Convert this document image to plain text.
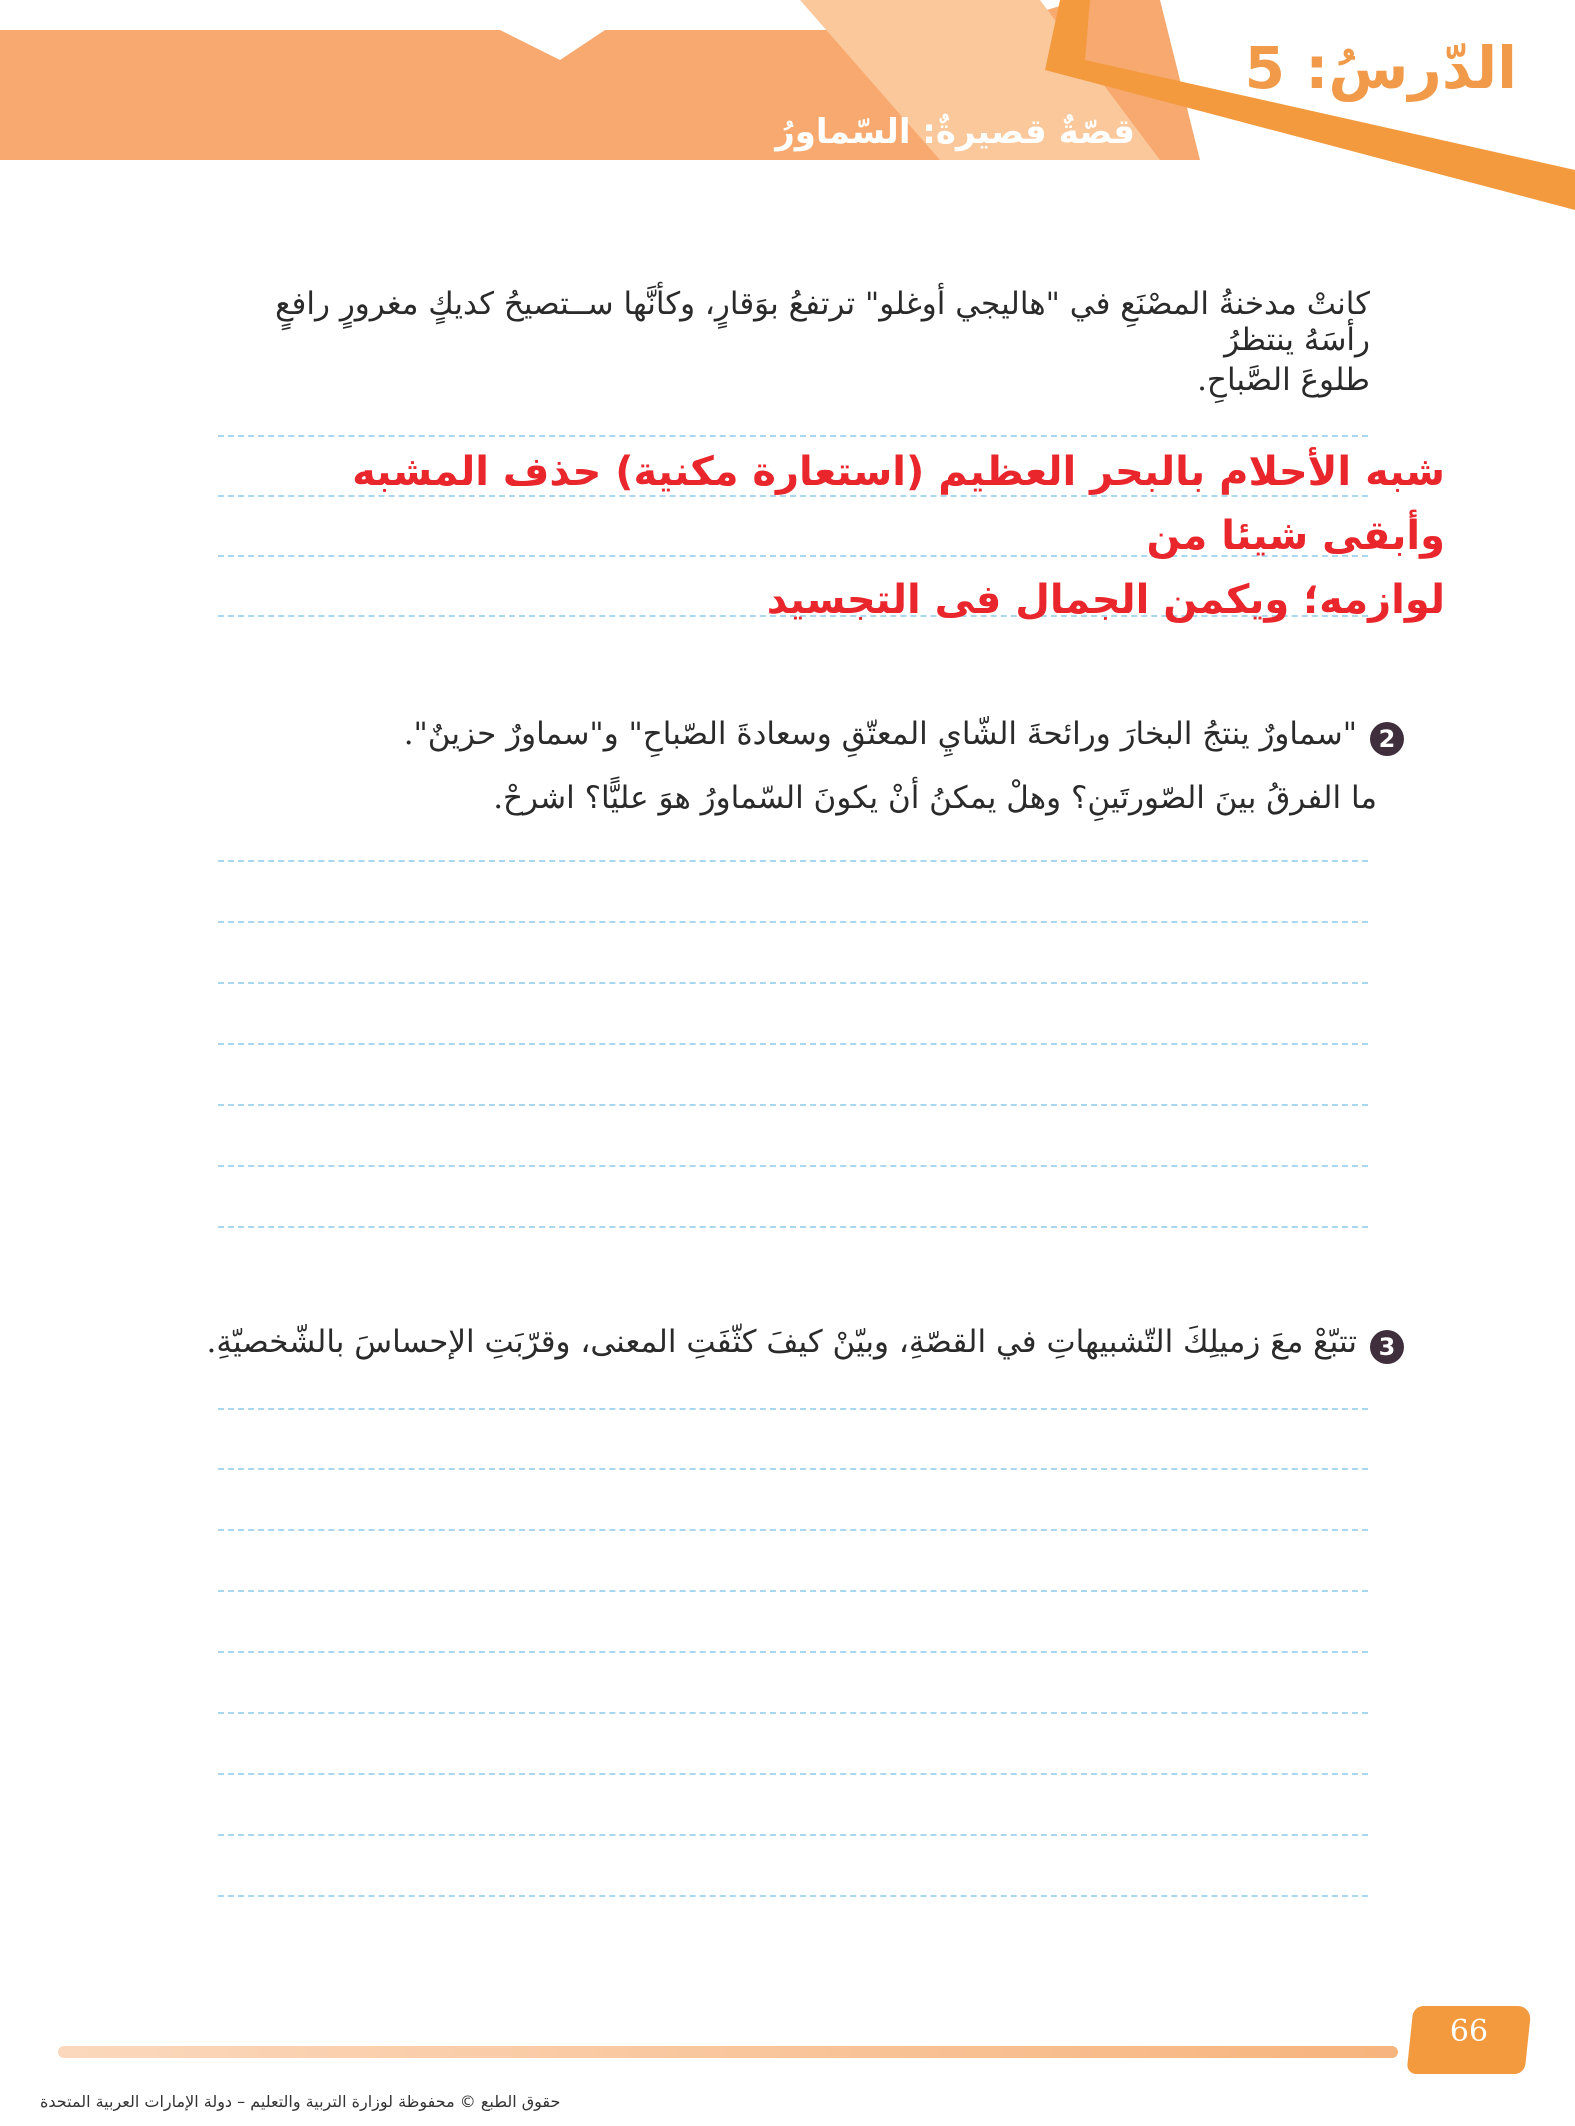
الدّرسُ: 5
قصّةٌ قصيرةٌ: السّماورُ
كانتْ مدخنةُ المصْنَعِ في "هاليجي أوغلو" ترتفعُ بوَقارٍ، وكأنَّها ســتصيحُ كديكٍ مغرورٍ رافعٍ رأسَهُ ينتظرُ
طلوعَ الصَّباحِ.
شبه الأحلام بالبحر العظيم (استعارة مكنية) حذف المشبه وأبقى شيئا من
لوازمه؛ ويكمن الجمال فى التجسيد
2
"سماورٌ ينتجُ البخارَ ورائحةَ الشّايِ المعتّقِ وسعادةَ الصّباحِ" و"سماورٌ حزينٌ".
ما الفرقُ بينَ الصّورتَينِ؟ وهلْ يمكنُ أنْ يكونَ السّماورُ هوَ عليًّا؟ اشرحْ.
3
تتبّعْ معَ زميلِكَ التّشبيهاتِ في القصّةِ، وبيّنْ كيفَ كثّفَتِ المعنى، وقرّبَتِ الإحساسَ بالشّخصيّةِ.
66
حقوق الطبع © محفوظة لوزارة التربية والتعليم – دولة الإمارات العربية المتحدة
